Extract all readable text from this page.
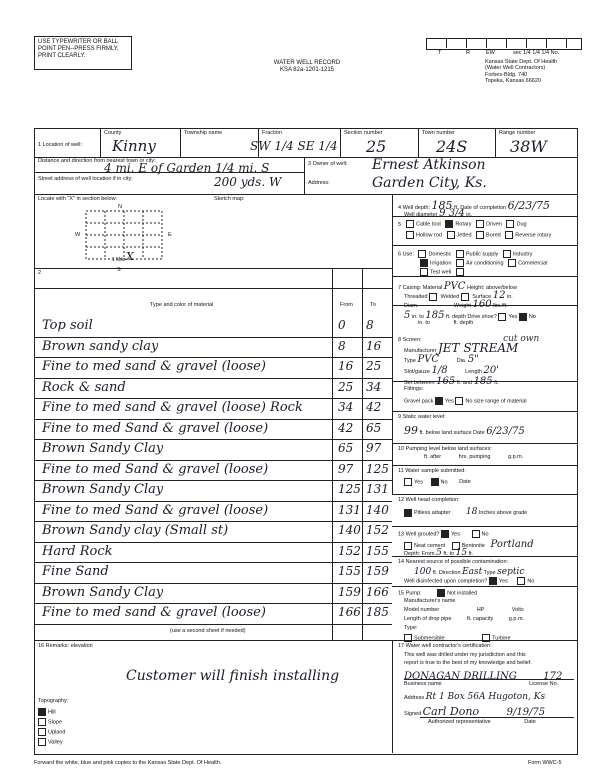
USE TYPEWRITER OR BALL
POINT PEN--PRESS FIRMLY,
PRINT CLEARLY.
WATER WELL RECORD
KSA 82a-1201-1215
T	R	EW	sec 1/4 1/4 1/4 No.
Kansas State Dept. Of Health
(Water Well Contractors)
Forbes-Bldg. 740
Topeka, Kansas 66620
1 Location of well:
County
Kinny
Township name	Fraction
SW 1/4 SE 1/4
Section number
25
Town number
24S
Range number
38W
Distance and direction from nearest town or city:
4 mi. E of Garden 1/4 mi. S
Street address of well location if in city:	200 yds. W
3 Owner of well: Ernest Atkinson
Address:	Garden City, Ks.
Locate with "X" in section below:	Sketch map:
N
S
W	E
1 Mile X
4 Well depth: 185 ft. Date of completion 6/23/75
Well diameter 9 3/4 in.
5	Cable tool	Rotary	Driven	Dug
Hollow rod	Jetted	Bored	Reverse rotary
6 Use:	Domestic	Public supply	Industry
Irrigation	Air conditioning	Commercial
Test well
7 Casing: Material PVC Height: above/below
Threaded Welded Surface 12 in.
Diam.	Weight 160 lbs./ft.
5 in. to 185 ft. depth Drive shoe? Yes No
in. to	ft. depth
8 Screen:	cut own
Manufacturer JET STREAM
Type PVC	Dia. 5"
Slot/gauze 1/8	Length 20'
Set between 165 ft. and 185 ft.
Fittings:
Gravel pack Yes No size range of material
9 Static water level:
99 ft. below land surface Date 6/23/75
10 Pumping level below land surfaces:
ft. after	hrs. pumping	g.p.m.
11 Water sample submitted:
Yes	No Date
12 Well head completion:
Pitless adapter 18 Inches above grade
13 Well grouted? Yes	No
Neat cement	Bentonite Portland
Depth: From 5 ft. to 15 ft.
14 Nearest source of possible contamination:
100 ft. Direction East Type septic
Well disinfected upon completion? Yes	No
15 Pump:	Not installed
Manufacturer's name
Model number	HP	Volts
Length of drop pipe	ft. capacity	g.p.m.
Type:
Submersible	Turbine
2
Type and color of material	From	To
Top soil	0 8
Brown sandy clay	8 16
Fine to med sand & gravel (loose)	16 25
Rock & sand	25 34
Fine to med sand & gravel (loose) Rock	34 42
Fine to med Sand & gravel (loose)	42 65
Brown Sandy Clay	65 97
Fine to med Sand & gravel (loose)	97 125
Brown Sandy Clay	125 131
Fine to med Sand & gravel (loose)	131 140
Brown Sandy clay (Small st)	140 152
Hard Rock	152 155
Fine Sand	155 159
Brown Sandy Clay	159 166
Fine to med sand & gravel (loose)	166 185
(use a second sheet if needed)
16 Remarks: elevation
Customer will finish installing
Topography:
Hill
Slope
Upland
Valley
17 Water well contractor's certification:
This well was drilled under my jurisdiction and this
report is true to the best of my knowledge and belief.
DONAGAN DRILLING	172
Business name	License No.
Address Rt 1 Box 56A Hugoton, Ks
Signed Carl Dono	9/19/75
Authorized representative	Date
Forward the white, blue and pink copies to the Kansas State Dept. Of Health.	Form WWC-5
